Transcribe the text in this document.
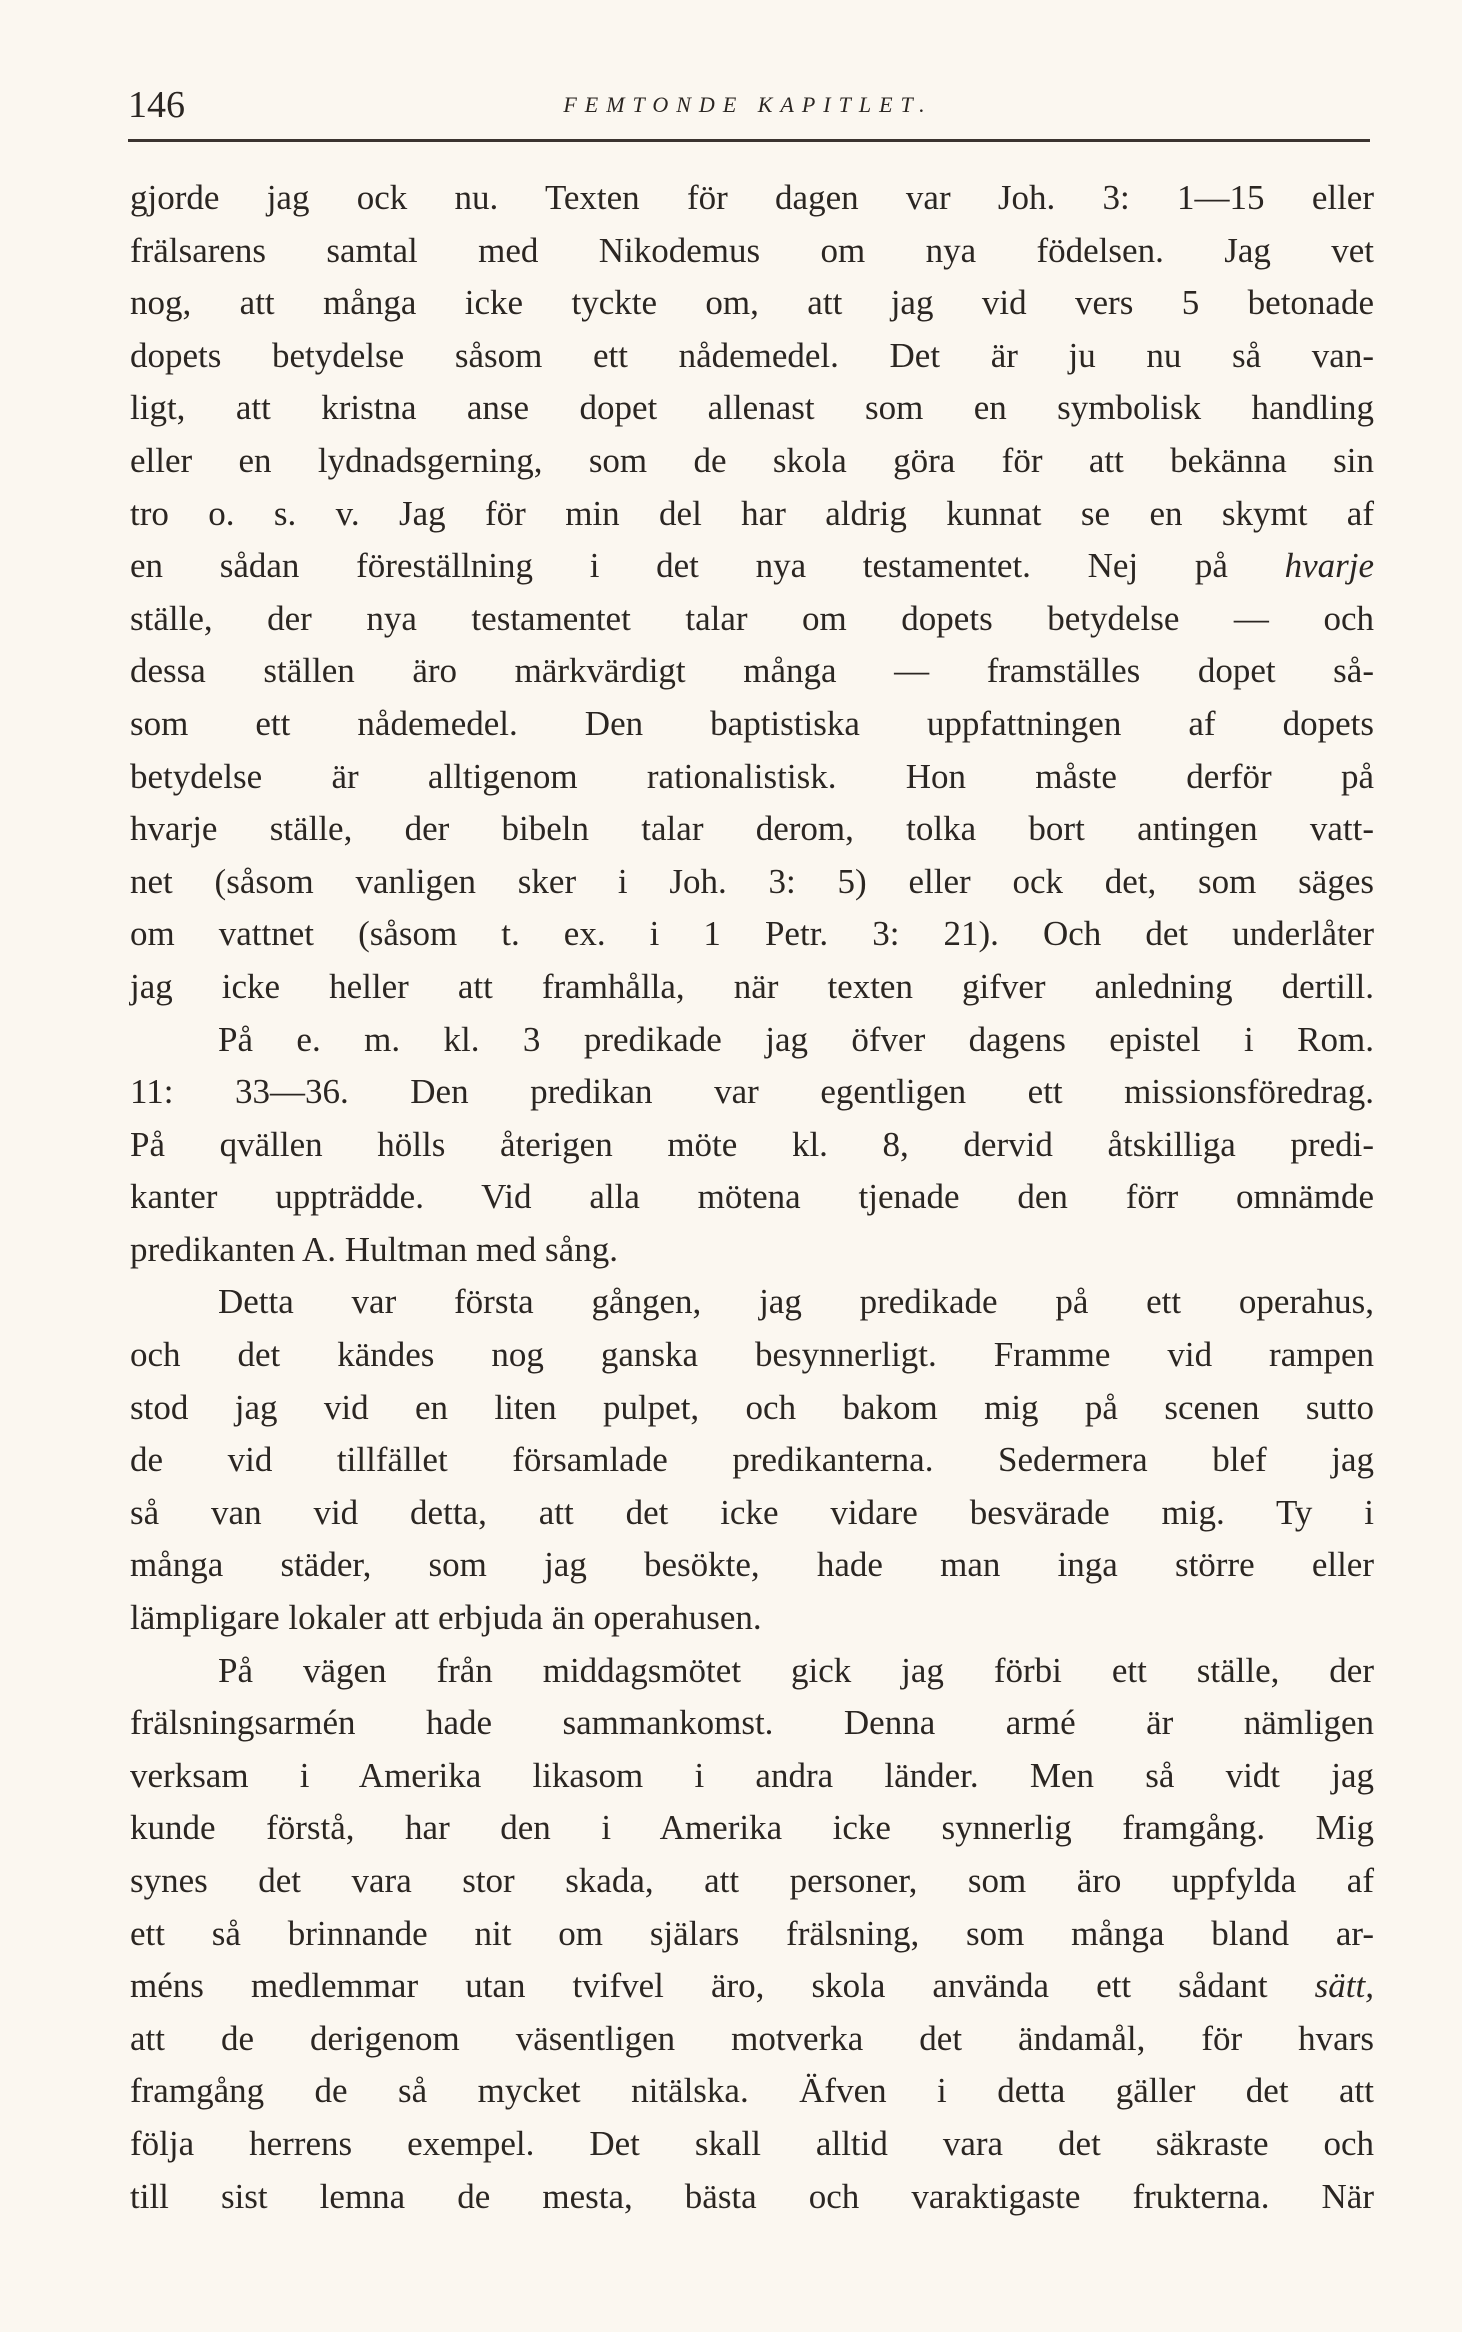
146	FEMTONDE KAPITLET.
gjorde jag ock nu. Texten för dagen var Joh. 3: 1—15 eller
frälsarens samtal med Nikodemus om nya födelsen. Jag vet
nog, att många icke tyckte om, att jag vid vers 5 betonade
dopets betydelse såsom ett nådemedel. Det är ju nu så van-
ligt, att kristna anse dopet allenast som en symbolisk handling
eller en lydnadsgerning, som de skola göra för att bekänna sin
tro o. s. v. Jag för min del har aldrig kunnat se en skymt af
en sådan föreställning i det nya testamentet. Nej på hvarje
ställe, der nya testamentet talar om dopets betydelse — och
dessa ställen äro märkvärdigt många — framställes dopet så-
som ett nådemedel. Den baptistiska uppfattningen af dopets
betydelse är alltigenom rationalistisk. Hon måste derför på
hvarje ställe, der bibeln talar derom, tolka bort antingen vatt-
net (såsom vanligen sker i Joh. 3: 5) eller ock det, som säges
om vattnet (såsom t. ex. i 1 Petr. 3: 21). Och det underlåter
jag icke heller att framhålla, när texten gifver anledning dertill.
På e. m. kl. 3 predikade jag öfver dagens epistel i Rom.
11: 33—36. Den predikan var egentligen ett missionsföredrag.
På qvällen hölls återigen möte kl. 8, dervid åtskilliga predi-
kanter uppträdde. Vid alla mötena tjenade den förr omnämde
predikanten A. Hultman med sång.
Detta var första gången, jag predikade på ett operahus,
och det kändes nog ganska besynnerligt. Framme vid rampen
stod jag vid en liten pulpet, och bakom mig på scenen sutto
de vid tillfället församlade predikanterna. Sedermera blef jag
så van vid detta, att det icke vidare besvärade mig. Ty i
många städer, som jag besökte, hade man inga större eller
lämpligare lokaler att erbjuda än operahusen.
På vägen från middagsmötet gick jag förbi ett ställe, der
frälsningsarmén hade sammankomst. Denna armé är nämligen
verksam i Amerika likasom i andra länder. Men så vidt jag
kunde förstå, har den i Amerika icke synnerlig framgång. Mig
synes det vara stor skada, att personer, som äro uppfylda af
ett så brinnande nit om själars frälsning, som många bland ar-
méns medlemmar utan tvifvel äro, skola använda ett sådant sätt,
att de derigenom väsentligen motverka det ändamål, för hvars
framgång de så mycket nitälska. Äfven i detta gäller det att
följa herrens exempel. Det skall alltid vara det säkraste och
till sist lemna de mesta, bästa och varaktigaste frukterna. När
